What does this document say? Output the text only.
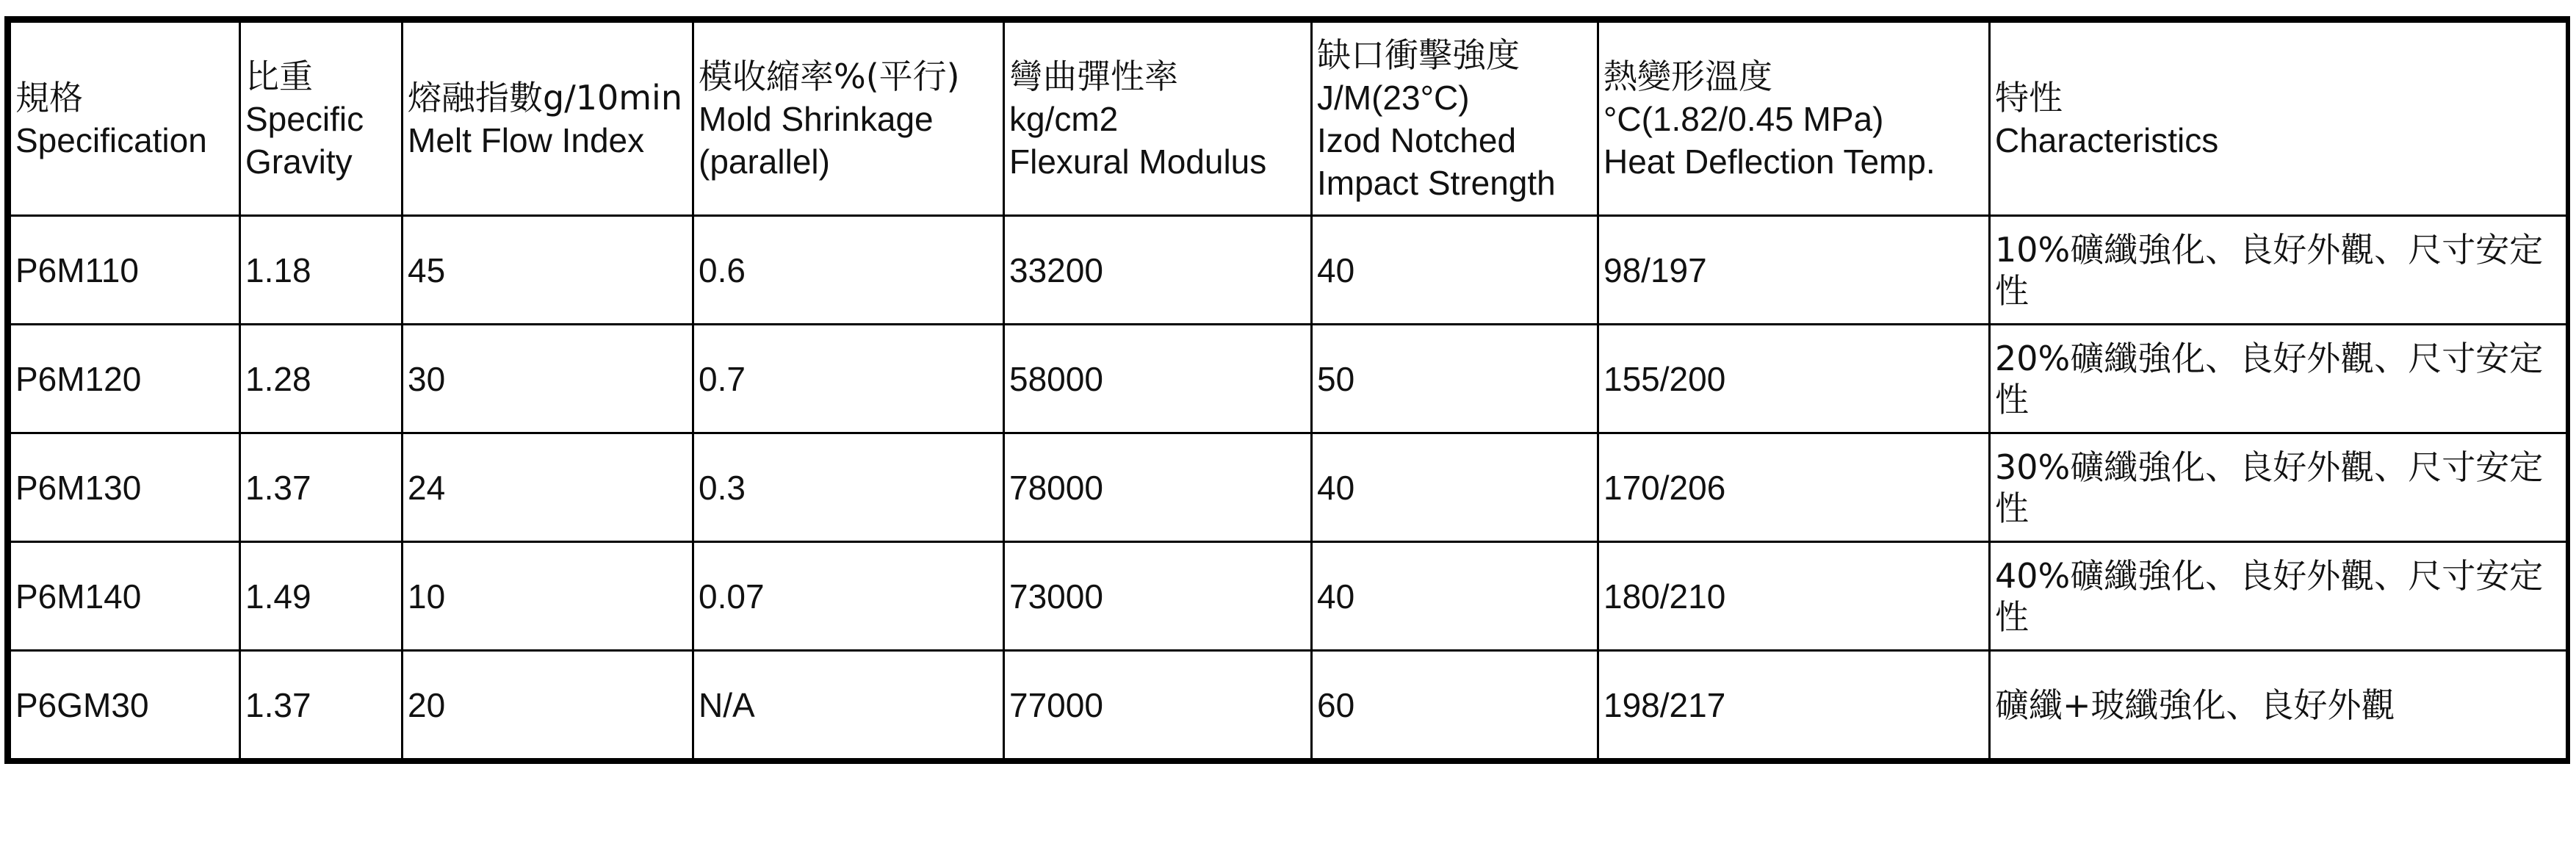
規格
Specification	比重
Specific
Gravity	熔融指數g/10min
Melt Flow Index	模收縮率%(平行)
Mold Shrinkage
(parallel)	彎曲彈性率
kg/cm2
Flexural Modulus	缺口衝擊強度
J/M(23°C)
Izod Notched
Impact Strength	熱變形溫度
°C(1.82/0.45 MPa)
Heat Deflection Temp.	特性
Characteristics

P6M110	1.18	45	0.6	33200	40	98/197	10%礦纖強化、良好外觀、尺寸安定性

P6M120	1.28	30	0.7	58000	50	155/200	20%礦纖強化、良好外觀、尺寸安定性

P6M130	1.37	24	0.3	78000	40	170/206	30%礦纖強化、良好外觀、尺寸安定性

P6M140	1.49	10	0.07	73000	40	180/210	40%礦纖強化、良好外觀、尺寸安定性

P6GM30	1.37	20	N/A	77000	60	198/217	礦纖+玻纖強化、良好外觀
